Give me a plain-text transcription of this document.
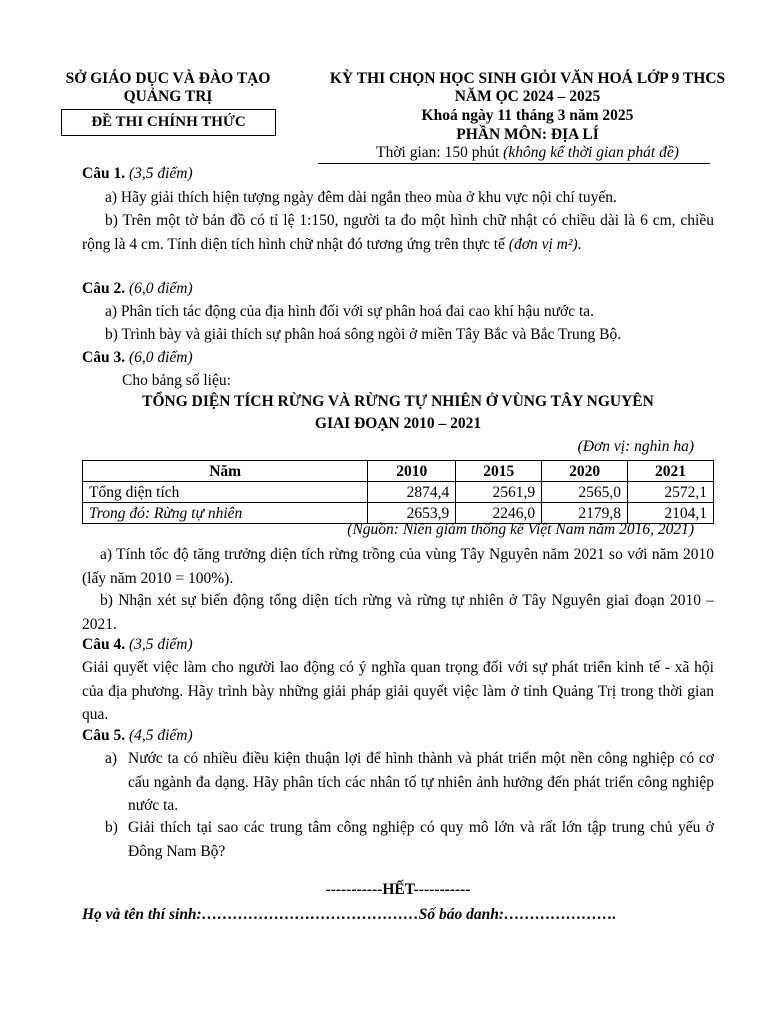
SỞ GIÁO DỤC VÀ ĐÀO TẠO
QUẢNG TRỊ
ĐỀ THI CHÍNH THỨC
KỲ THI CHỌN HỌC SINH GIỎI VĂN HOÁ LỚP 9 THCS
NĂM ỌC 2024 – 2025
Khoá ngày 11 tháng 3 năm 2025
PHẦN MÔN: ĐỊA LÍ
Thời gian: 150 phút (không kể thời gian phát đề)
Câu 1. (3,5 điểm)
a) Hãy giải thích hiện tượng ngày đêm dài ngắn theo mùa ở khu vực nội chí tuyến.
b) Trên một tờ bản đồ có tỉ lệ 1:150, người ta đo một hình chữ nhật có chiều dài là 6 cm, chiều rộng là 4 cm. Tính diện tích hình chữ nhật đó tương ứng trên thực tế (đơn vị m²).
Câu 2. (6,0 điểm)
a) Phân tích tác động của địa hình đối với sự phân hoá đai cao khí hậu nước ta.
b) Trình bày và giải thích sự phân hoá sông ngòi ở miền Tây Bắc và Bắc Trung Bộ.
Câu 3. (6,0 điểm)
Cho bảng số liệu:
TỔNG DIỆN TÍCH RỪNG VÀ RỪNG TỰ NHIÊN Ở VÙNG TÂY NGUYÊN
GIAI ĐOẠN 2010 – 2021
(Đơn vị: nghìn ha)
Năm	2010	2015	2020	2021
Tổng diện tích	2874,4	2561,9	2565,0	2572,1
Trong đó: Rừng tự nhiên	2653,9	2246,0	2179,8	2104,1
(Nguồn: Niên giám thống kê Việt Nam năm 2016, 2021)
a) Tính tốc độ tăng trưởng diện tích rừng trồng của vùng Tây Nguyên năm 2021 so với năm 2010 (lấy năm 2010 = 100%).
b) Nhận xét sự biến động tổng diện tích rừng và rừng tự nhiên ở Tây Nguyên giai đoạn 2010 – 2021.
Câu 4. (3,5 điểm)
Giải quyết việc làm cho người lao động có ý nghĩa quan trọng đối với sự phát triển kinh tế - xã hội của địa phương. Hãy trình bày những giải pháp giải quyết việc làm ở tỉnh Quảng Trị trong thời gian qua.
Câu 5. (4,5 điểm)
a) Nước ta có nhiều điều kiện thuận lợi để hình thành và phát triển một nền công nghiệp có cơ cấu ngành đa dạng. Hãy phân tích các nhân tố tự nhiên ảnh hưởng đến phát triển công nghiệp nước ta.
b) Giải thích tại sao các trung tâm công nghiệp có quy mô lớn và rất lớn tập trung chủ yếu ở Đông Nam Bộ?
-----------HẾT-----------
Họ và tên thí sinh:……………………………………Số báo danh:………………….
